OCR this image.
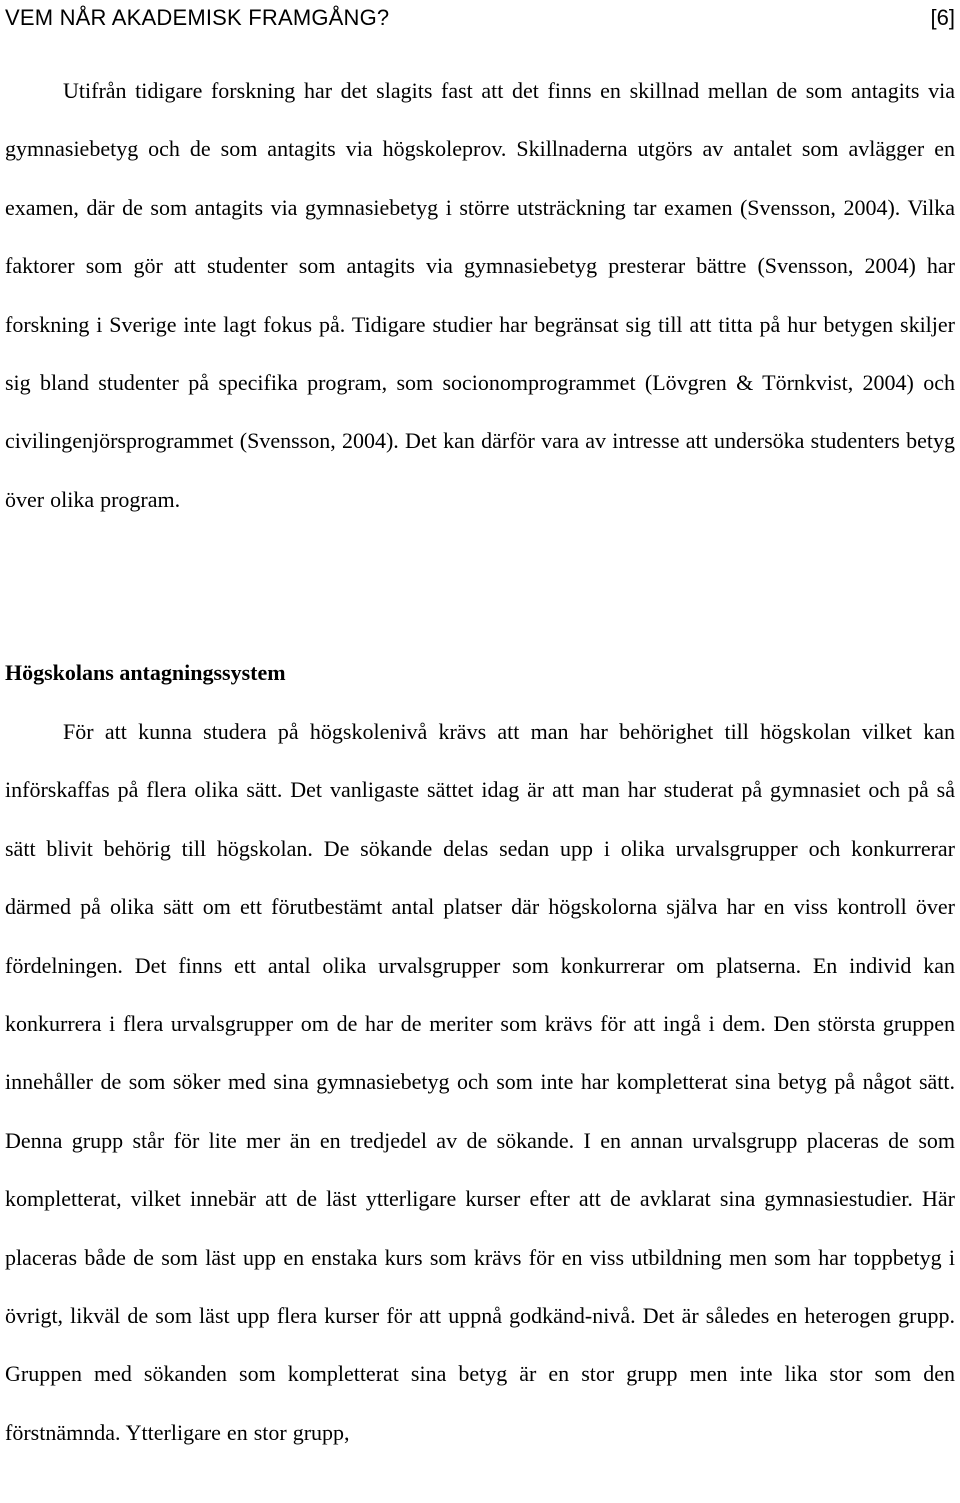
VEM NÅR AKADEMISK FRAMGÅNG?	[6]

Utifrån tidigare forskning har det slagits fast att det finns en skillnad mellan de som antagits via gymnasiebetyg och de som antagits via högskoleprov. Skillnaderna utgörs av antalet som avlägger en examen, där de som antagits via gymnasiebetyg i större utsträckning tar examen (Svensson, 2004). Vilka faktorer som gör att studenter som antagits via gymnasiebetyg presterar bättre (Svensson, 2004) har forskning i Sverige inte lagt fokus på. Tidigare studier har begränsat sig till att titta på hur betygen skiljer sig bland studenter på specifika program, som socionomprogrammet (Lövgren & Törnkvist, 2004) och civilingenjörsprogrammet (Svensson, 2004). Det kan därför vara av intresse att undersöka studenters betyg över olika program.

Högskolans antagningssystem

För att kunna studera på högskolenivå krävs att man har behörighet till högskolan vilket kan införskaffas på flera olika sätt. Det vanligaste sättet idag är att man har studerat på gymnasiet och på så sätt blivit behörig till högskolan. De sökande delas sedan upp i olika urvalsgrupper och konkurrerar därmed på olika sätt om ett förutbestämt antal platser där högskolorna själva har en viss kontroll över fördelningen. Det finns ett antal olika urvalsgrupper som konkurrerar om platserna. En individ kan konkurrera i flera urvalsgrupper om de har de meriter som krävs för att ingå i dem. Den största gruppen innehåller de som söker med sina gymnasiebetyg och som inte har kompletterat sina betyg på något sätt. Denna grupp står för lite mer än en tredjedel av de sökande. I en annan urvalsgrupp placeras de som kompletterat, vilket innebär att de läst ytterligare kurser efter att de avklarat sina gymnasiestudier. Här placeras både de som läst upp en enstaka kurs som krävs för en viss utbildning men som har toppbetyg i övrigt, likväl de som läst upp flera kurser för att uppnå godkänd-nivå. Det är således en heterogen grupp. Gruppen med sökanden som kompletterat sina betyg är en stor grupp men inte lika stor som den förstnämnda. Ytterligare en stor grupp,
